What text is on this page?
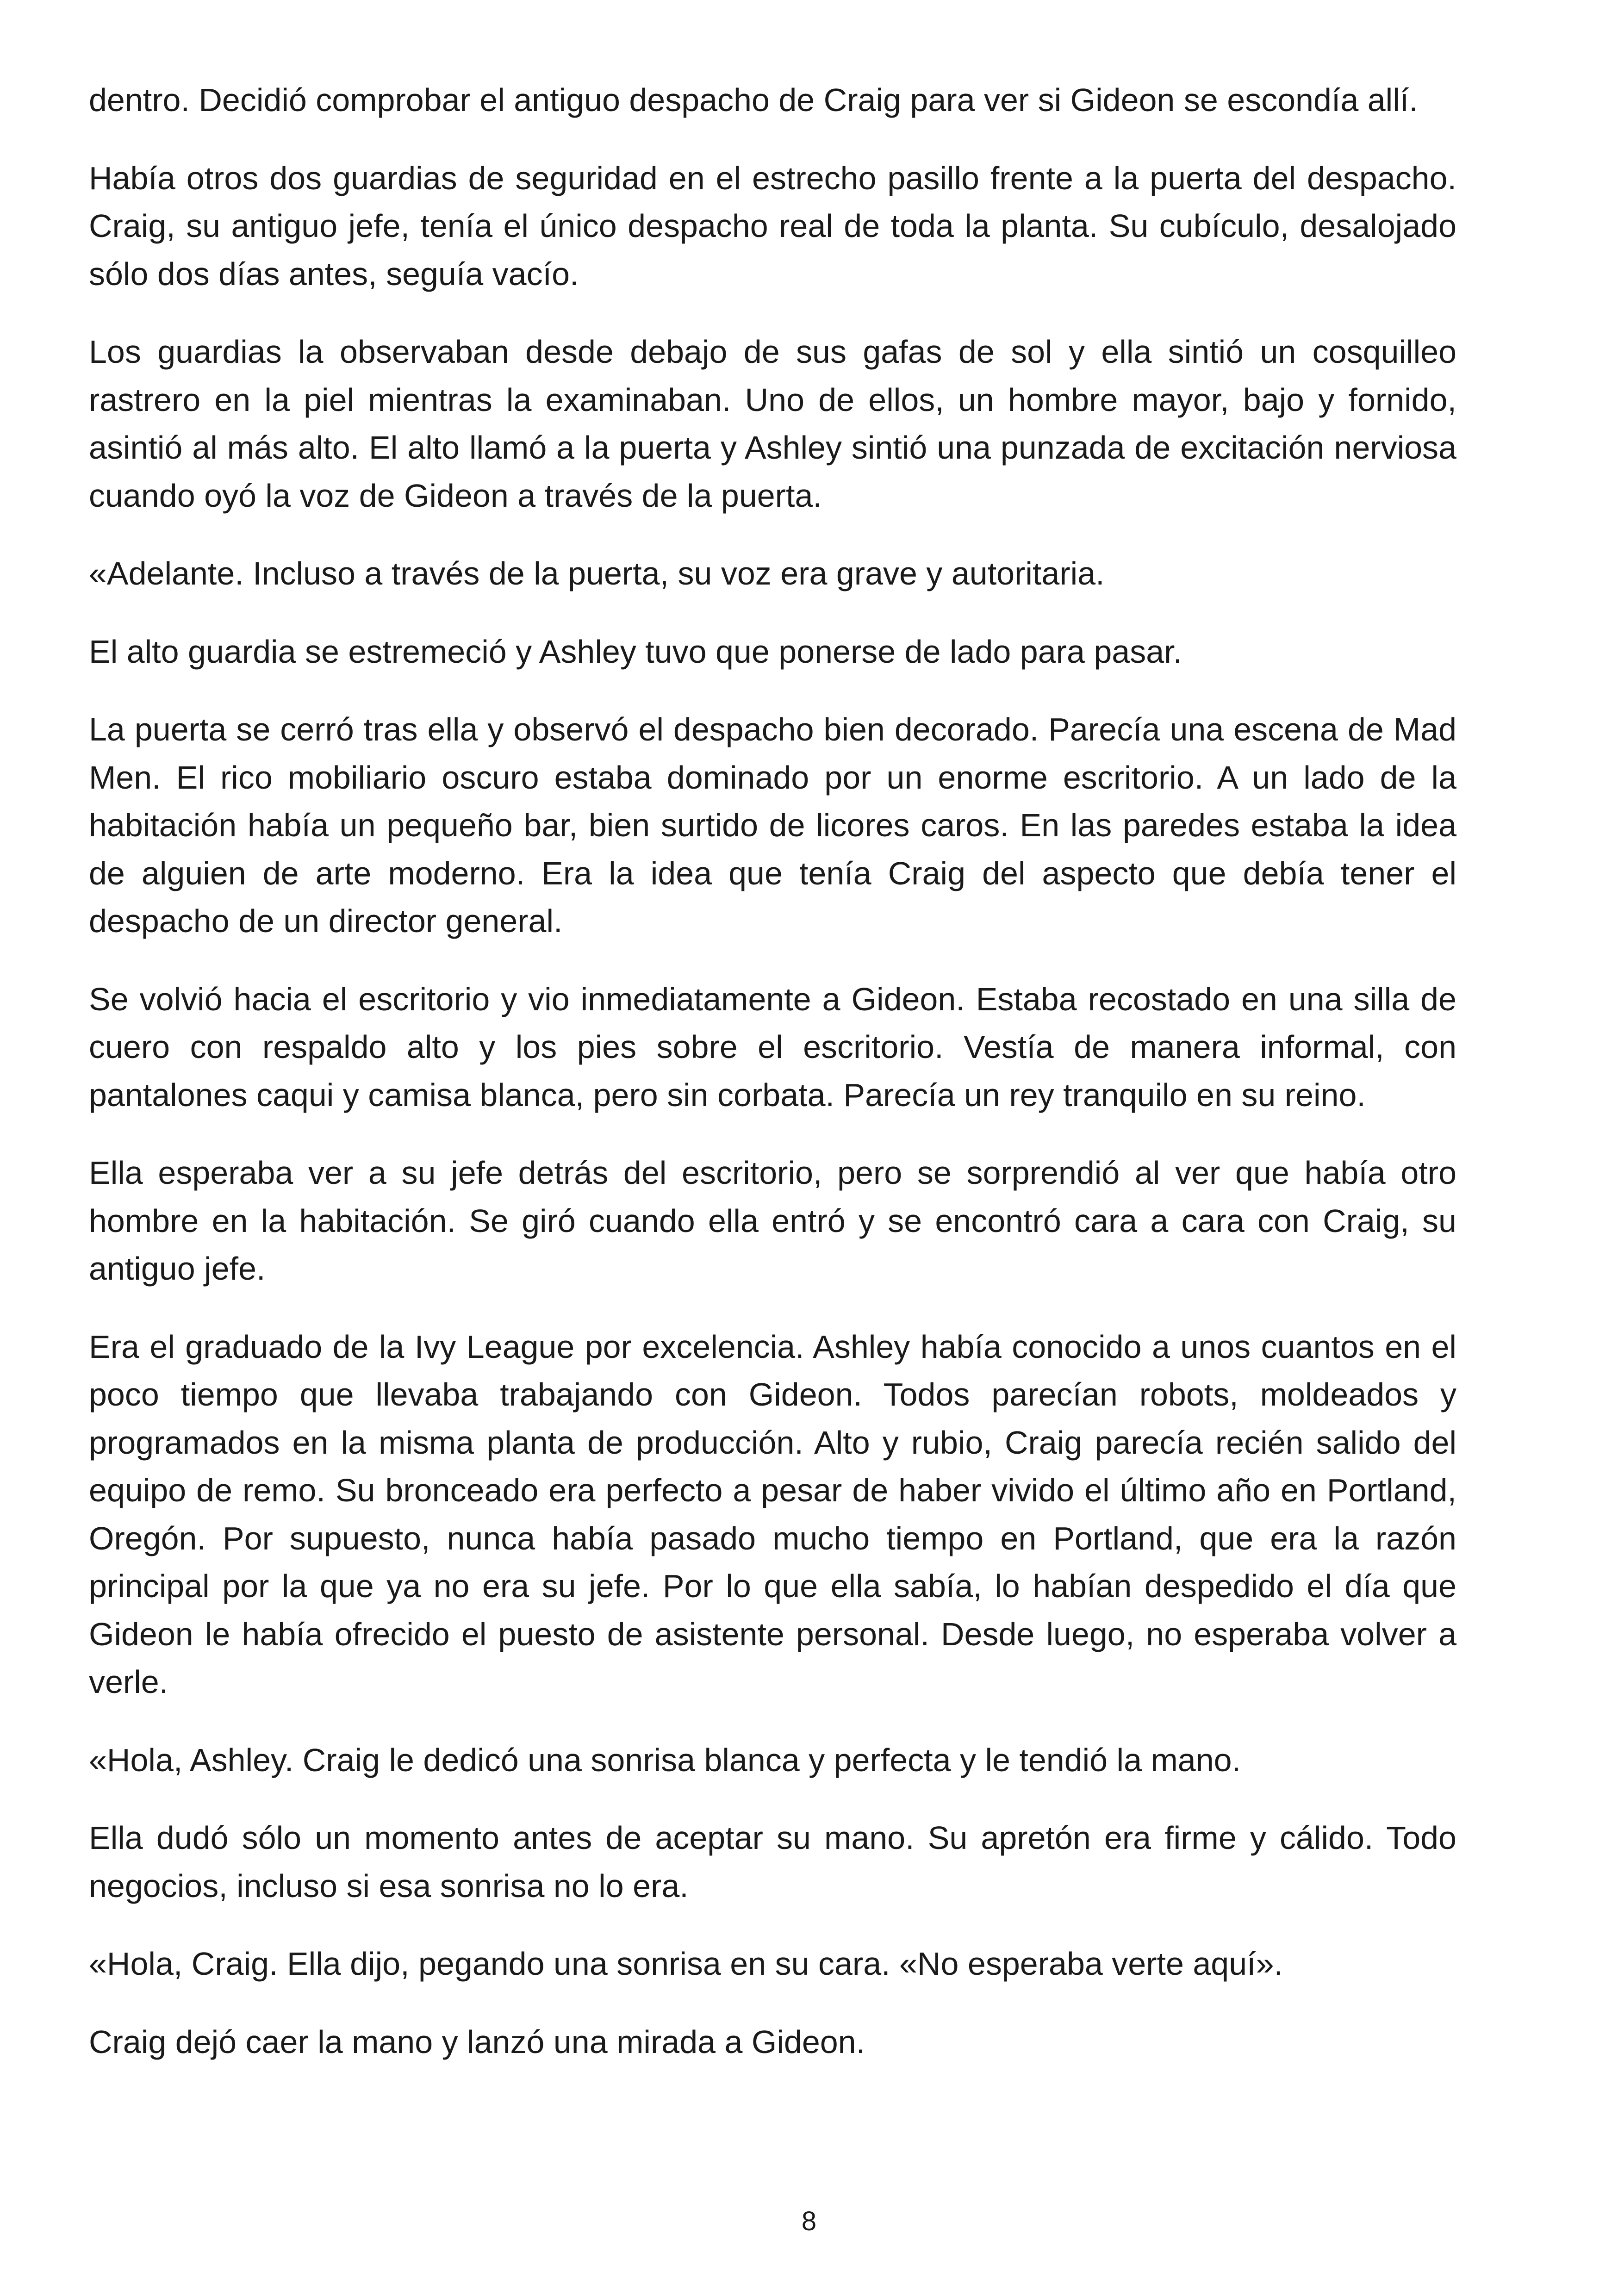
dentro. Decidió comprobar el antiguo despacho de Craig para ver si Gideon se escondía allí.

Había otros dos guardias de seguridad en el estrecho pasillo frente a la puerta del despacho. Craig, su antiguo jefe, tenía el único despacho real de toda la planta. Su cubículo, desalojado sólo dos días antes, seguía vacío.

Los guardias la observaban desde debajo de sus gafas de sol y ella sintió un cosquilleo rastrero en la piel mientras la examinaban. Uno de ellos, un hombre mayor, bajo y fornido, asintió al más alto. El alto llamó a la puerta y Ashley sintió una punzada de excitación nerviosa cuando oyó la voz de Gideon a través de la puerta.

«Adelante. Incluso a través de la puerta, su voz era grave y autoritaria.

El alto guardia se estremeció y Ashley tuvo que ponerse de lado para pasar.

La puerta se cerró tras ella y observó el despacho bien decorado. Parecía una escena de Mad Men. El rico mobiliario oscuro estaba dominado por un enorme escritorio. A un lado de la habitación había un pequeño bar, bien surtido de licores caros. En las paredes estaba la idea de alguien de arte moderno. Era la idea que tenía Craig del aspecto que debía tener el despacho de un director general.

Se volvió hacia el escritorio y vio inmediatamente a Gideon. Estaba recostado en una silla de cuero con respaldo alto y los pies sobre el escritorio. Vestía de manera informal, con pantalones caqui y camisa blanca, pero sin corbata. Parecía un rey tranquilo en su reino.

Ella esperaba ver a su jefe detrás del escritorio, pero se sorprendió al ver que había otro hombre en la habitación. Se giró cuando ella entró y se encontró cara a cara con Craig, su antiguo jefe.

Era el graduado de la Ivy League por excelencia. Ashley había conocido a unos cuantos en el poco tiempo que llevaba trabajando con Gideon. Todos parecían robots, moldeados y programados en la misma planta de producción. Alto y rubio, Craig parecía recién salido del equipo de remo. Su bronceado era perfecto a pesar de haber vivido el último año en Portland, Oregón. Por supuesto, nunca había pasado mucho tiempo en Portland, que era la razón principal por la que ya no era su jefe. Por lo que ella sabía, lo habían despedido el día que Gideon le había ofrecido el puesto de asistente personal. Desde luego, no esperaba volver a verle.

«Hola, Ashley. Craig le dedicó una sonrisa blanca y perfecta y le tendió la mano.

Ella dudó sólo un momento antes de aceptar su mano. Su apretón era firme y cálido. Todo negocios, incluso si esa sonrisa no lo era.

«Hola, Craig. Ella dijo, pegando una sonrisa en su cara. «No esperaba verte aquí».

Craig dejó caer la mano y lanzó una mirada a Gideon.

8
